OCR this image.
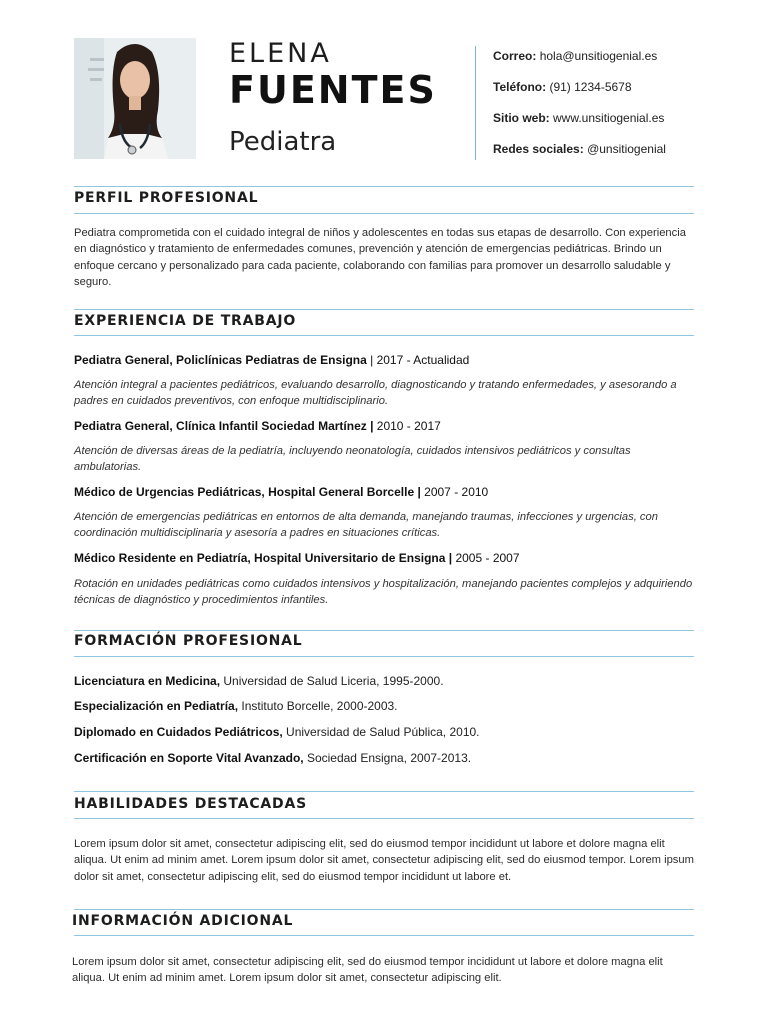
ELENA
FUENTES
Pediatra
Correo: hola@unsitiogenial.es
Teléfono: (91) 1234-5678
Sitio web: www.unsitiogenial.es
Redes sociales: @unsitiogenial
PERFIL PROFESIONAL
Pediatra comprometida con el cuidado integral de niños y adolescentes en todas sus etapas de desarrollo. Con experiencia en diagnóstico y tratamiento de enfermedades comunes, prevención y atención de emergencias pediátricas. Brindo un enfoque cercano y personalizado para cada paciente, colaborando con familias para promover un desarrollo saludable y seguro.
EXPERIENCIA DE TRABAJO
Pediatra General, Policlínicas Pediatras de Ensigna | 2017 - Actualidad
Atención integral a pacientes pediátricos, evaluando desarrollo, diagnosticando y tratando enfermedades, y asesorando a padres en cuidados preventivos, con enfoque multidisciplinario.
Pediatra General, Clínica Infantil Sociedad Martínez | 2010 - 2017
Atención de diversas áreas de la pediatría, incluyendo neonatología, cuidados intensivos pediátricos y consultas ambulatorias.
Médico de Urgencias Pediátricas, Hospital General Borcelle | 2007 - 2010
Atención de emergencias pediátricas en entornos de alta demanda, manejando traumas, infecciones y urgencias, con coordinación multidisciplinaria y asesoría a padres en situaciones críticas.
Médico Residente en Pediatría, Hospital Universitario de Ensigna | 2005 - 2007
Rotación en unidades pediátricas como cuidados intensivos y hospitalización, manejando pacientes complejos y adquiriendo técnicas de diagnóstico y procedimientos infantiles.
FORMACIÓN PROFESIONAL
Licenciatura en Medicina, Universidad de Salud Liceria, 1995-2000.
Especialización en Pediatría, Instituto Borcelle, 2000-2003.
Diplomado en Cuidados Pediátricos, Universidad de Salud Pública, 2010.
Certificación en Soporte Vital Avanzado, Sociedad Ensigna, 2007-2013.
HABILIDADES DESTACADAS
Lorem ipsum dolor sit amet, consectetur adipiscing elit, sed do eiusmod tempor incididunt ut labore et dolore magna elit aliqua. Ut enim ad minim amet. Lorem ipsum dolor sit amet, consectetur adipiscing elit, sed do eiusmod tempor. Lorem ipsum dolor sit amet, consectetur adipiscing elit, sed do eiusmod tempor incididunt ut labore et.
INFORMACIÓN ADICIONAL
Lorem ipsum dolor sit amet, consectetur adipiscing elit, sed do eiusmod tempor incididunt ut labore et dolore magna elit aliqua. Ut enim ad minim amet. Lorem ipsum dolor sit amet, consectetur adipiscing elit.
